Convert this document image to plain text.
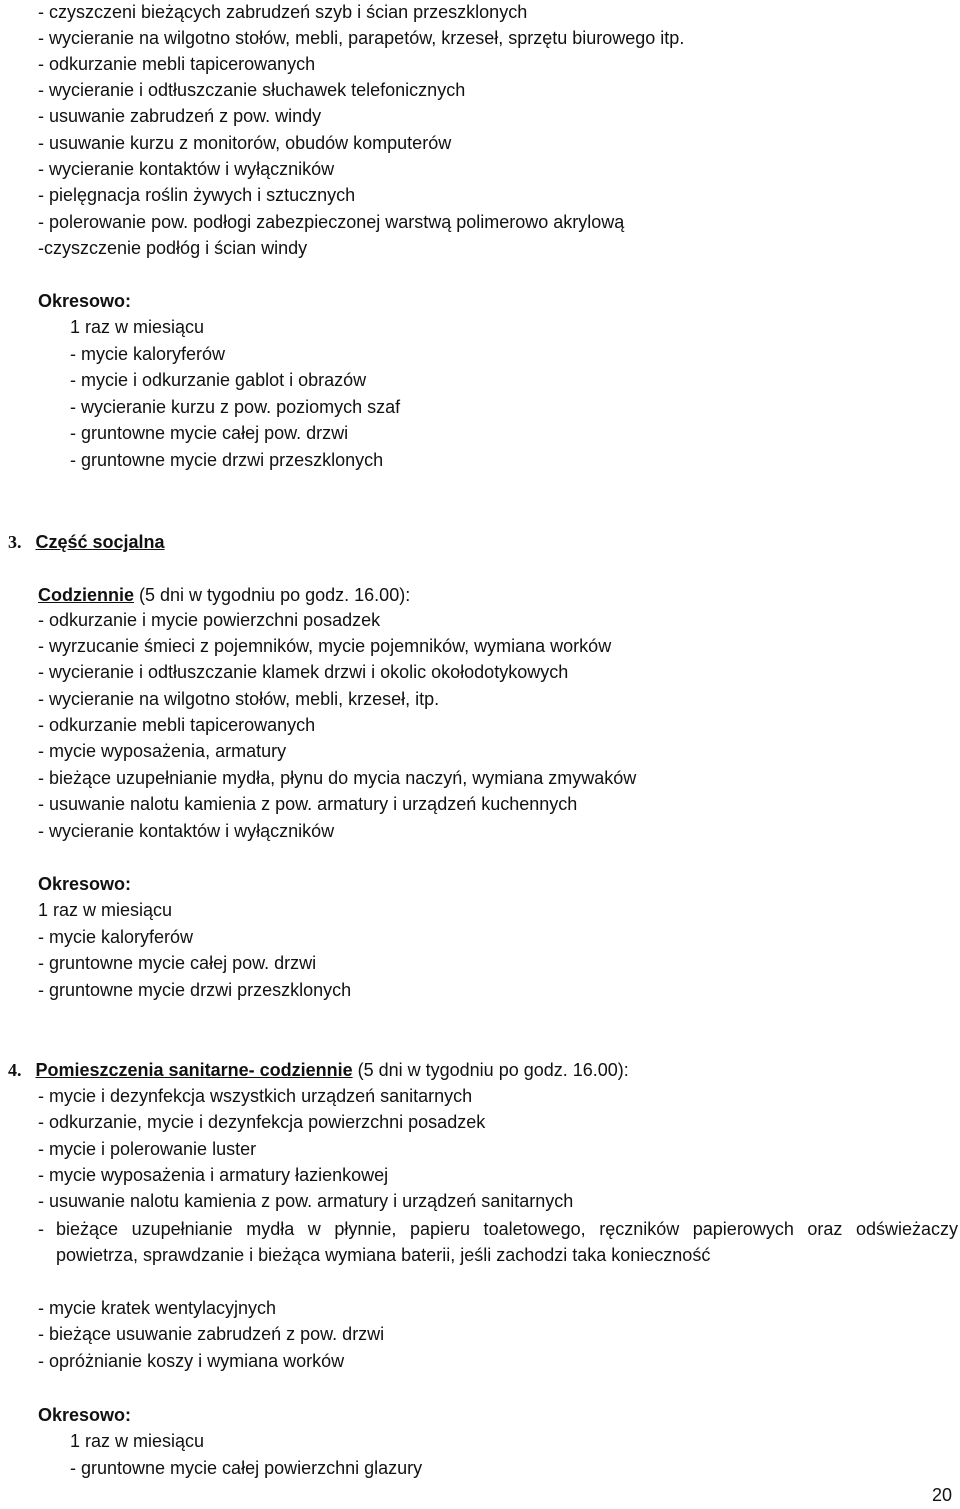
- czyszczeni bieżących zabrudzeń szyb i ścian przeszklonych
- wycieranie na wilgotno stołów, mebli, parapetów, krzeseł, sprzętu biurowego itp.
- odkurzanie mebli tapicerowanych
- wycieranie i odtłuszczanie słuchawek telefonicznych
- usuwanie zabrudzeń z pow. windy
- usuwanie kurzu z monitorów, obudów komputerów
- wycieranie kontaktów i wyłączników
- pielęgnacja roślin żywych i sztucznych
- polerowanie pow. podłogi zabezpieczonej warstwą polimerowo akrylową
-czyszczenie podłóg i ścian windy
Okresowo:
1 raz w miesiącu
- mycie kaloryferów
- mycie i odkurzanie gablot i obrazów
- wycieranie kurzu z pow. poziomych szaf
- gruntowne mycie całej pow. drzwi
- gruntowne mycie drzwi przeszklonych
3. Część socjalna
Codziennie (5 dni w tygodniu po godz. 16.00):
- odkurzanie i mycie powierzchni posadzek
- wyrzucanie śmieci z pojemników, mycie pojemników, wymiana worków
- wycieranie i odtłuszczanie klamek drzwi i okolic okołodotykowych
- wycieranie na wilgotno stołów, mebli, krzeseł, itp.
- odkurzanie mebli tapicerowanych
- mycie wyposażenia, armatury
- bieżące uzupełnianie mydła, płynu do mycia naczyń, wymiana zmywaków
- usuwanie nalotu kamienia z pow. armatury i urządzeń kuchennych
- wycieranie kontaktów i wyłączników
Okresowo:
1 raz w miesiącu
- mycie kaloryferów
- gruntowne mycie całej pow. drzwi
- gruntowne mycie drzwi przeszklonych
4. Pomieszczenia sanitarne- codziennie (5 dni w tygodniu po godz. 16.00):
- mycie i dezynfekcja wszystkich urządzeń sanitarnych
- odkurzanie, mycie i dezynfekcja powierzchni posadzek
- mycie i polerowanie luster
- mycie wyposażenia i armatury łazienkowej
- usuwanie nalotu kamienia z pow. armatury i urządzeń sanitarnych
- bieżące uzupełnianie mydła w płynnie, papieru toaletowego, ręczników papierowych oraz odświeżaczy powietrza, sprawdzanie i bieżąca wymiana baterii, jeśli zachodzi taka konieczność
- mycie kratek wentylacyjnych
- bieżące usuwanie zabrudzeń z pow. drzwi
- opróżnianie koszy i wymiana worków
Okresowo:
1 raz w miesiącu
- gruntowne mycie całej powierzchni glazury
20
